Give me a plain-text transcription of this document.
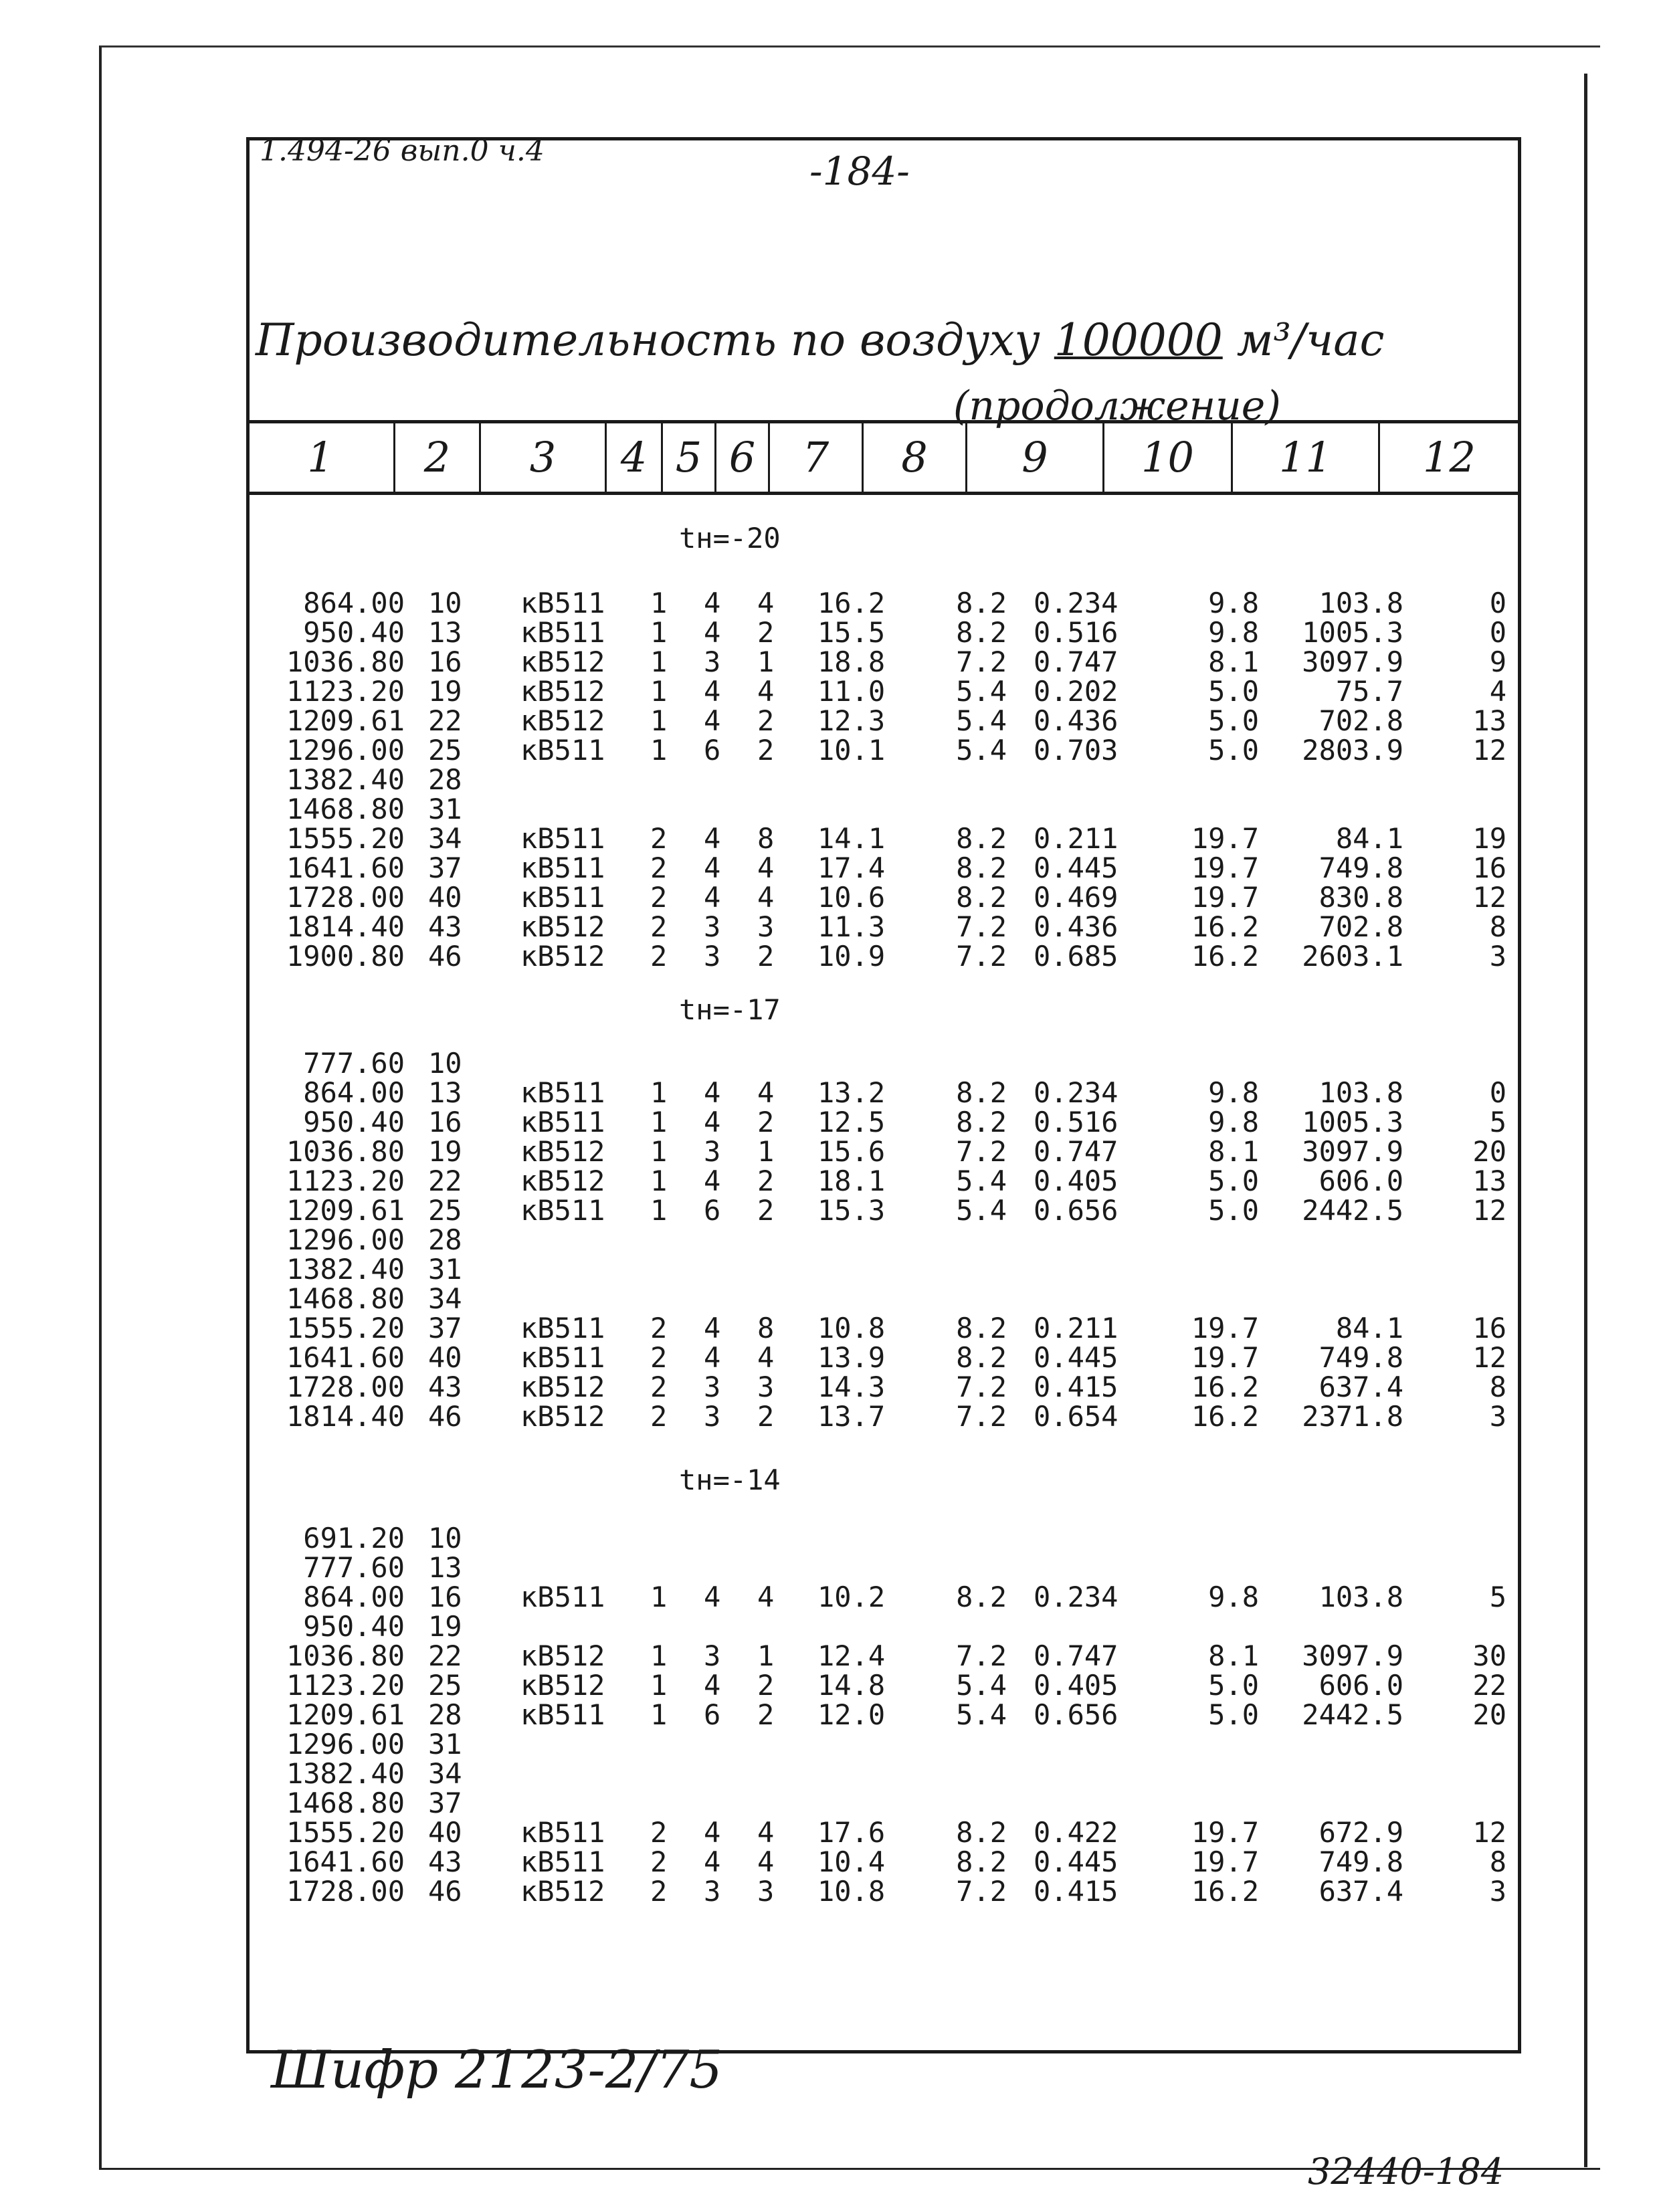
1.494-26 вып.0 ч.4	-184-
Производительность по воздуху 100000 м³/час
(продолжение)
1	2	3	4 5 6	7	8	9	10	11	12
tн=-20
864.00 10 кВ511 1 4 4 16.2	8.2 0.234	9.8 103.8	0
950.40 13 кВ511 1 4 2 15.5	8.2 0.516	9.8 1005.3	0
1036.80 16 кВ512 1 3 1 18.8	7.2 0.747	8.1 3097.9	9
1123.20 19 кВ512 1 4 4 11.0	5.4 0.202	5.0	75.7	4
1209.61 22 кВ512 1 4 2 12.3	5.4 0.436	5.0 702.8 13
1296.00 25 кВ511 1 6 2 10.1	5.4 0.703	5.0 2803.9 12
1382.40 28
1468.80 31
1555.20 34 кВ511 2 4 8 14.1	8.2 0.211	19.7	84.1 19
1641.60 37 кВ511 2 4 4 17.4	8.2 0.445	19.7 749.8 16
1728.00 40 кВ511 2 4 4 10.6	8.2 0.469	19.7 830.8 12
1814.40 43 кВ512 2 3 3 11.3	7.2 0.436	16.2 702.8	8
1900.80 46 кВ512 2 3 2 10.9	7.2 0.685	16.2 2603.1	3
tн=-17
777.60 10
864.00 13 кВ511 1 4 4 13.2	8.2 0.234	9.8 103.8	0
950.40 16 кВ511 1 4 2 12.5	8.2 0.516	9.8 1005.3	5
1036.80 19 кВ512 1 3 1 15.6	7.2 0.747	8.1 3097.9 20
1123.20 22 кВ512 1 4 2 18.1	5.4 0.405	5.0 606.0 13
1209.61 25 кВ511 1 6 2 15.3	5.4 0.656	5.0 2442.5 12
1296.00 28
1382.40 31
1468.80 34
1555.20 37 кВ511 2 4 8 10.8	8.2 0.211	19.7	84.1 16
1641.60 40 кВ511 2 4 4 13.9	8.2 0.445	19.7 749.8 12
1728.00 43 кВ512 2 3 3 14.3	7.2 0.415	16.2 637.4	8
1814.40 46 кВ512 2 3 2 13.7	7.2 0.654	16.2 2371.8	3
tн=-14
691.20 10
777.60 13
864.00 16 кВ511 1 4 4 10.2	8.2 0.234	9.8 103.8	5
950.40 19
1036.80 22 кВ512 1 3 1 12.4	7.2 0.747	8.1 3097.9 30
1123.20 25 кВ512 1 4 2 14.8	5.4 0.405	5.0 606.0 22
1209.61 28 кВ511 1 6 2 12.0	5.4 0.656	5.0 2442.5 20
1296.00 31
1382.40 34
1468.80 37
1555.20 40 кВ511 2 4 4 17.6	8.2 0.422	19.7 672.9 12
1641.60 43 кВ511 2 4 4 10.4	8.2 0.445	19.7 749.8	8
1728.00 46 кВ512 2 3 3 10.8	7.2 0.415	16.2 637.4	3
Шифр 2123-2/75
32440-184
